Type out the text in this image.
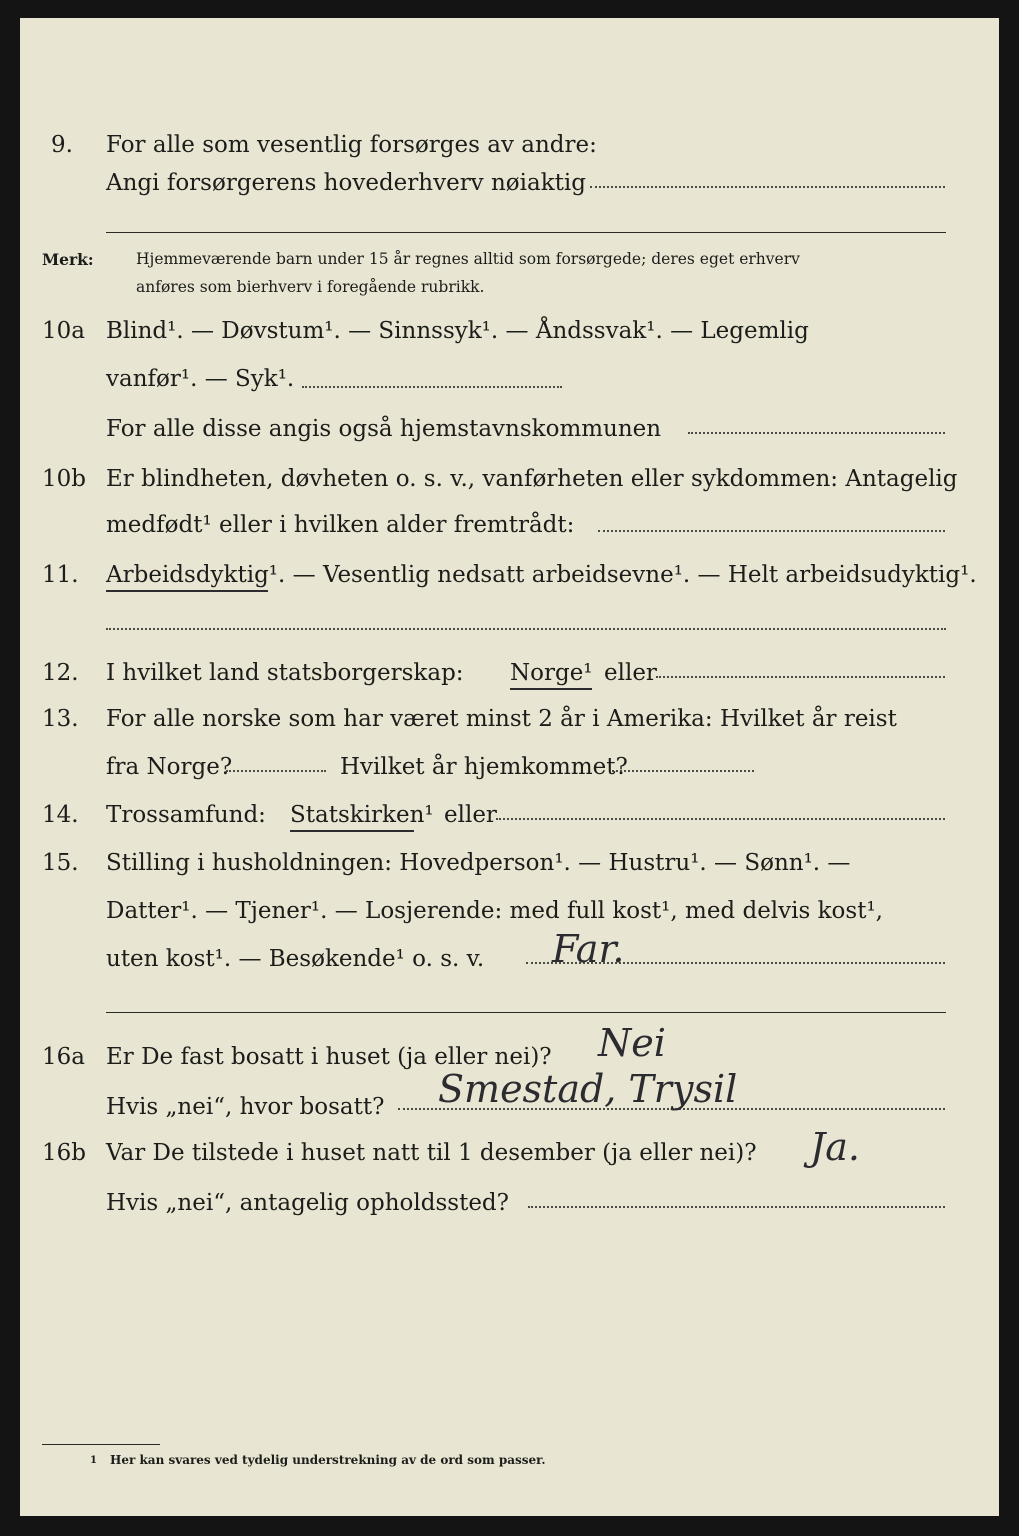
9. For alle som vesentlig forsørges av andre:
Angi forsørgerens hovederhverv nøiaktig
Merk:	Hjemmeværende barn under 15 år regnes alltid som forsørgede; deres eget erhverv
anføres som bierhverv i foregående rubrikk.
10a Blind¹. — Døvstum¹. — Sinnssyk¹. — Åndssvak¹. — Legemlig
vanfør¹. — Syk¹.
For alle disse angis også hjemstavnskommunen
10b Er blindheten, døvheten o. s. v., vanførheten eller sykdommen: Antagelig
medfødt¹ eller i hvilken alder fremtrådt:
11. Arbeidsdyktig¹. — Vesentlig nedsatt arbeidsevne¹. — Helt arbeidsudyktig¹.
12. I hvilket land statsborgerskap: Norge¹ eller
13. For alle norske som har været minst 2 år i Amerika: Hvilket år reist
fra Norge?	Hvilket år hjemkommet?
14. Trossamfund: Statskirken¹ eller
15. Stilling i husholdningen: Hovedperson¹. — Hustru¹. — Sønn¹. —
Datter¹. — Tjener¹. — Losjerende: med full kost¹, med delvis kost¹,
uten kost¹. — Besøkende¹ o. s. v. Far.
16a Er De fast bosatt i huset (ja eller nei)? Nei
Hvis „nei“, hvor bosatt? Smestad, Trysil
16b Var De tilstede i huset natt til 1 desember (ja eller nei)? Ja.
Hvis „nei“, antagelig opholdssted?
1 Her kan svares ved tydelig understrekning av de ord som passer.
